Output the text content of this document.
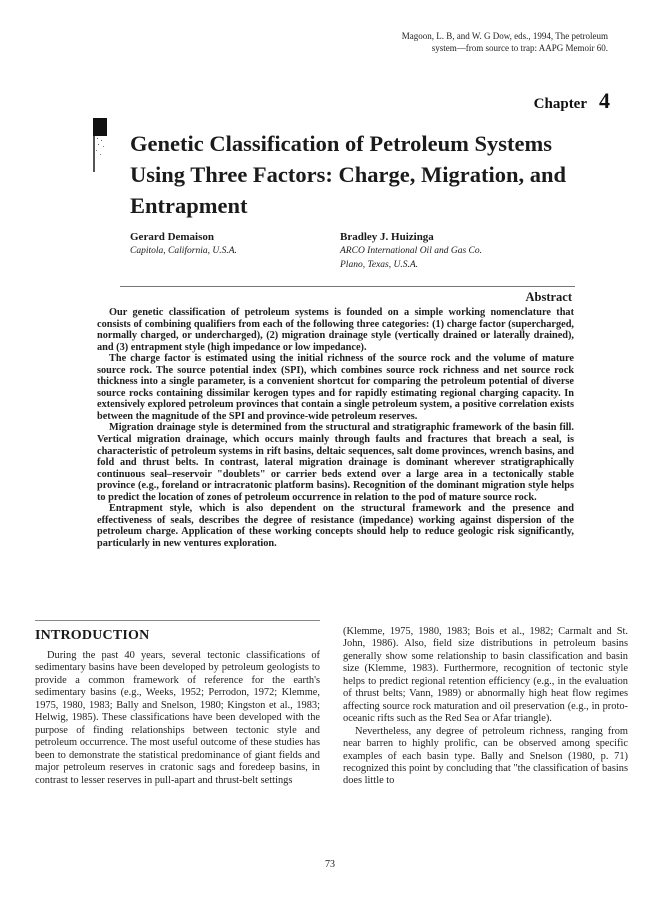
Magoon, L. B, and W. G Dow, eds., 1994, The petroleum
system—from source to trap: AAPG Memoir 60.
Chapter 4
Genetic Classification of Petroleum Systems Using Three Factors: Charge, Migration, and Entrapment
Gerard Demaison
Capitola, California, U.S.A.
Bradley J. Huizinga
ARCO International Oil and Gas Co.
Plano, Texas, U.S.A.
Abstract

Our genetic classification of petroleum systems is founded on a simple working nomenclature that consists of combining qualifiers from each of the following three categories: (1) charge factor (supercharged, normally charged, or undercharged), (2) migration drainage style (vertically drained or laterally drained), and (3) entrapment style (high impedance or low impedance).

The charge factor is estimated using the initial richness of the source rock and the volume of mature source rock. The source potential index (SPI), which combines source rock richness and net source rock thickness into a single parameter, is a convenient shortcut for comparing the petroleum potential of diverse source rocks containing dissimilar kerogen types and for rapidly estimating regional charging capacity. In extensively explored petroleum provinces that contain a single petroleum system, a positive correlation exists between the magnitude of the SPI and province-wide petroleum reserves.

Migration drainage style is determined from the structural and stratigraphic framework of the basin fill. Vertical migration drainage, which occurs mainly through faults and fractures that breach a seal, is characteristic of petroleum systems in rift basins, deltaic sequences, salt dome provinces, wrench basins, and fold and thrust belts. In contrast, lateral migration drainage is dominant wherever stratigraphically continuous seal–reservoir "doublets" or carrier beds extend over a large area in a tectonically stable province (e.g., foreland or intracratonic platform basins). Recognition of the dominant migration style helps to predict the location of zones of petroleum occurrence in relation to the pod of mature source rock.

Entrapment style, which is also dependent on the structural framework and the presence and effectiveness of seals, describes the degree of resistance (impedance) working against dispersion of the petroleum charge. Application of these working concepts should help to reduce geologic risk significantly, particularly in new ventures exploration.

INTRODUCTION

During the past 40 years, several tectonic classifications of sedimentary basins have been developed by petroleum geologists to provide a common framework of reference for the earth's sedimentary basins (e.g., Weeks, 1952; Perrodon, 1972; Klemme, 1975, 1980, 1983; Bally and Snelson, 1980; Kingston et al., 1983; Helwig, 1985). These classifications have been developed with the purpose of finding relationships between tectonic style and petroleum occurrence. The most useful outcome of these studies has been to demonstrate the statistical predominance of giant fields and major petroleum reserves in cratonic sags and foredeep basins, in contrast to lesser reserves in pull-apart and thrust-belt settings

(Klemme, 1975, 1980, 1983; Bois et al., 1982; Carmalt and St. John, 1986). Also, field size distributions in petroleum basins generally show some relationship to basin classification and basin size (Klemme, 1983). Furthermore, recognition of tectonic style helps to predict regional retention efficiency (e.g., in the evaluation of thrust belts; Vann, 1989) or abnormally high heat flow regimes affecting source rock maturation and oil preservation (e.g., in proto-oceanic rifts such as the Red Sea or Afar triangle).

Nevertheless, any degree of petroleum richness, ranging from near barren to highly prolific, can be observed among specific examples of each basin type. Bally and Snelson (1980, p. 71) recognized this point by concluding that "the classification of basins does little to

73
